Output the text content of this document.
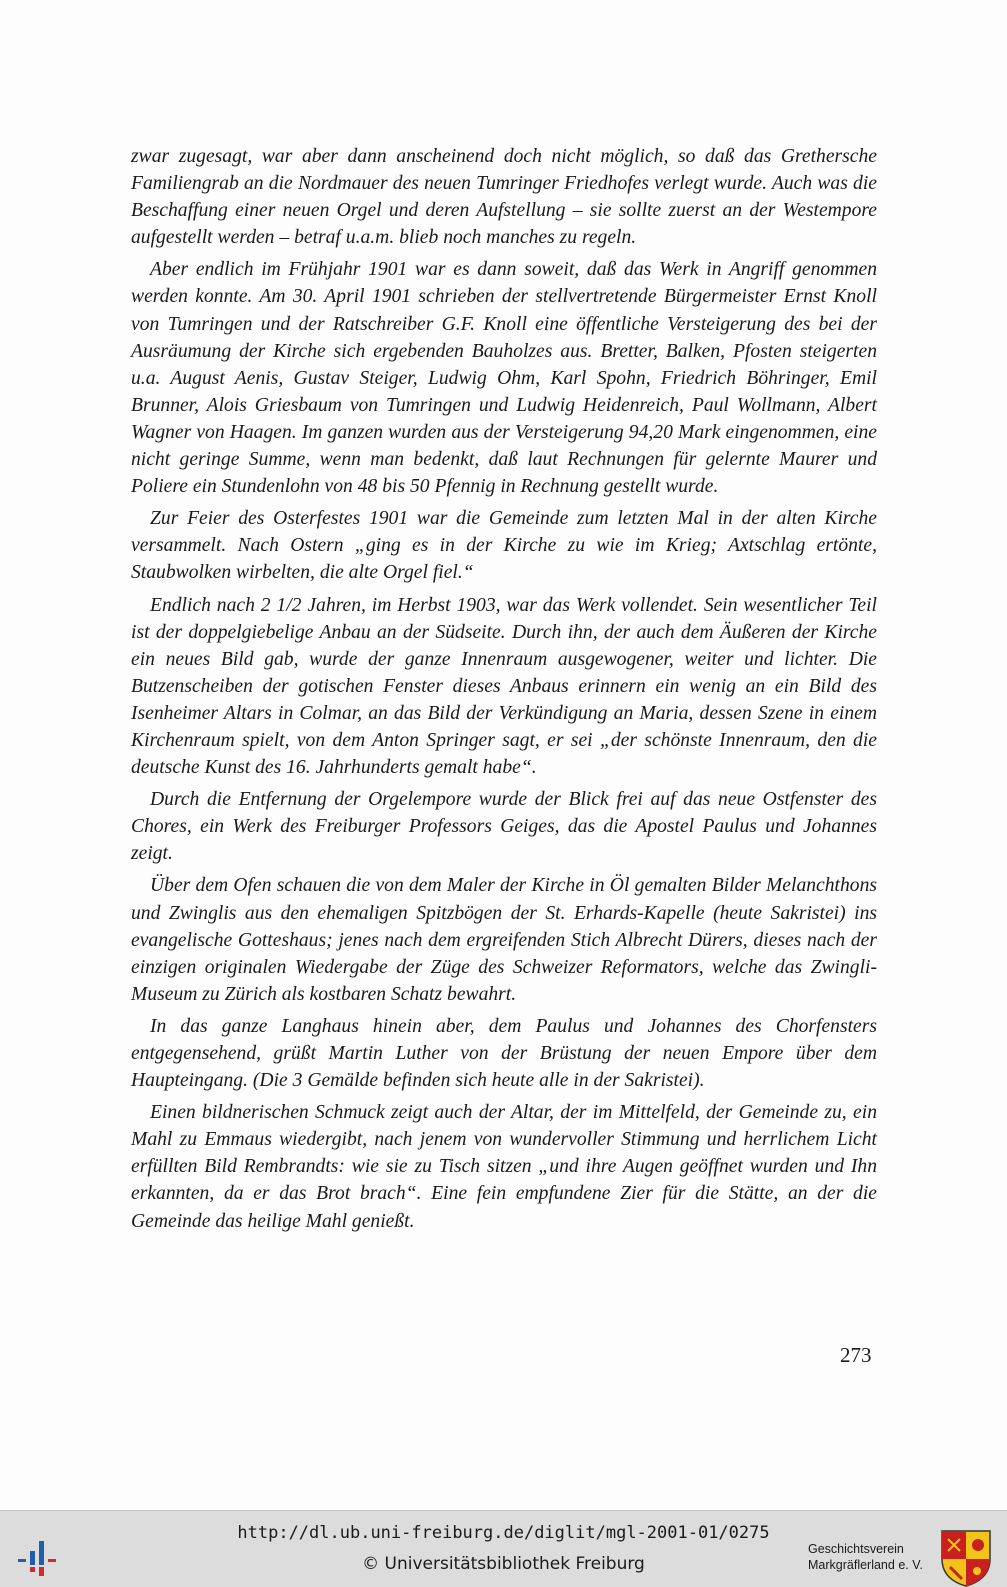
zwar zugesagt, war aber dann anscheinend doch nicht möglich, so daß das Grethersche Familiengrab an die Nordmauer des neuen Tumringer Friedhofes verlegt wurde. Auch was die Beschaffung einer neuen Orgel und deren Aufstellung – sie sollte zuerst an der Westempore aufgestellt werden – betraf u.a.m. blieb noch manches zu regeln.

Aber endlich im Frühjahr 1901 war es dann soweit, daß das Werk in Angriff genommen werden konnte. Am 30. April 1901 schrieben der stellvertretende Bürgermeister Ernst Knoll von Tumringen und der Ratschreiber G.F. Knoll eine öffentliche Versteigerung des bei der Ausräumung der Kirche sich ergebenden Bauholzes aus. Bretter, Balken, Pfosten steigerten u.a. August Aenis, Gustav Steiger, Ludwig Ohm, Karl Spohn, Friedrich Böhringer, Emil Brunner, Alois Griesbaum von Tumringen und Ludwig Heidenreich, Paul Wollmann, Albert Wagner von Haagen. Im ganzen wurden aus der Versteigerung 94,20 Mark eingenommen, eine nicht geringe Summe, wenn man bedenkt, daß laut Rechnungen für gelernte Maurer und Poliere ein Stundenlohn von 48 bis 50 Pfennig in Rechnung gestellt wurde.

Zur Feier des Osterfestes 1901 war die Gemeinde zum letzten Mal in der alten Kirche versammelt. Nach Ostern „ging es in der Kirche zu wie im Krieg; Axtschlag ertönte, Staubwolken wirbelten, die alte Orgel fiel.“

Endlich nach 2 1/2 Jahren, im Herbst 1903, war das Werk vollendet. Sein wesentlicher Teil ist der doppelgiebelige Anbau an der Südseite. Durch ihn, der auch dem Äußeren der Kirche ein neues Bild gab, wurde der ganze Innenraum ausgewogener, weiter und lichter. Die Butzenscheiben der gotischen Fenster dieses Anbaus erinnern ein wenig an ein Bild des Isenheimer Altars in Colmar, an das Bild der Verkündigung an Maria, dessen Szene in einem Kirchenraum spielt, von dem Anton Springer sagt, er sei „der schönste Innenraum, den die deutsche Kunst des 16. Jahrhunderts gemalt habe“.

Durch die Entfernung der Orgelempore wurde der Blick frei auf das neue Ostfenster des Chores, ein Werk des Freiburger Professors Geiges, das die Apostel Paulus und Johannes zeigt.

Über dem Ofen schauen die von dem Maler der Kirche in Öl gemalten Bilder Melanchthons und Zwinglis aus den ehemaligen Spitzbögen der St. Erhards-Kapelle (heute Sakristei) ins evangelische Gotteshaus; jenes nach dem ergreifenden Stich Albrecht Dürers, dieses nach der einzigen originalen Wiedergabe der Züge des Schweizer Reformators, welche das Zwingli-Museum zu Zürich als kostbaren Schatz bewahrt.

In das ganze Langhaus hinein aber, dem Paulus und Johannes des Chorfensters entgegensehend, grüßt Martin Luther von der Brüstung der neuen Empore über dem Haupteingang. (Die 3 Gemälde befinden sich heute alle in der Sakristei).

Einen bildnerischen Schmuck zeigt auch der Altar, der im Mittelfeld, der Gemeinde zu, ein Mahl zu Emmaus wiedergibt, nach jenem von wundervoller Stimmung und herrlichem Licht erfüllten Bild Rembrandts: wie sie zu Tisch sitzen „und ihre Augen geöffnet wurden und Ihn erkannten, da er das Brot brach“. Eine fein empfundene Zier für die Stätte, an der die Gemeinde das heilige Mahl genießt.

273
http://dl.ub.uni-freiburg.de/diglit/mgl-2001-01/0275
© Universitätsbibliothek Freiburg
Geschichtsverein
Markgräflerland e. V.
